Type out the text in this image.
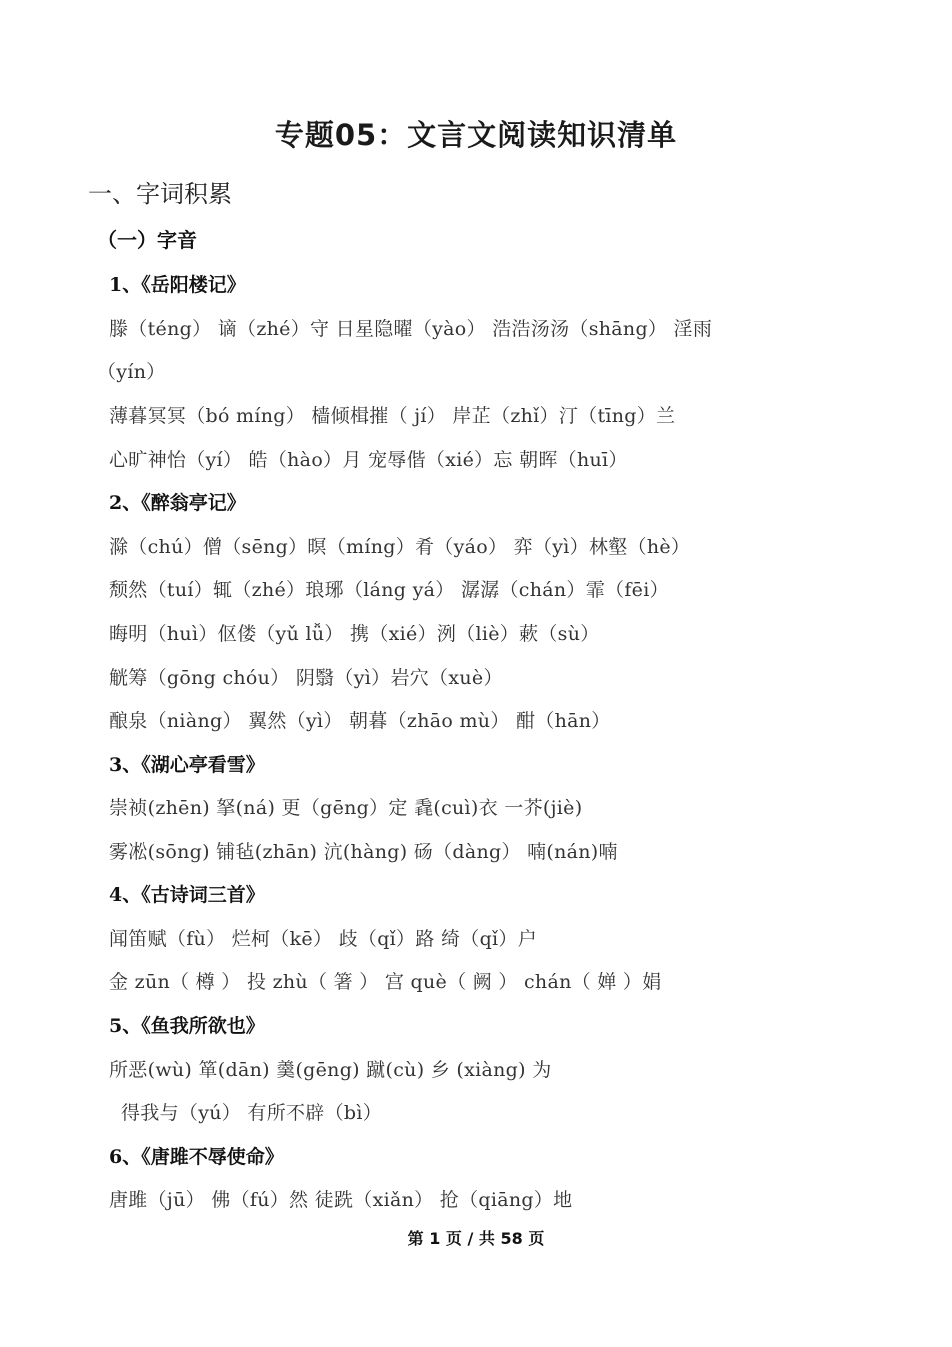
专题05：文言文阅读知识清单
一、字词积累
（一）字音
1、《岳阳楼记》
滕（téng） 谪（zhé）守 日星隐曜（yào） 浩浩汤汤（shāng） 淫雨
（yín）
薄暮冥冥（bó míng） 樯倾楫摧（ jí） 岸芷（zhǐ）汀（tīng）兰
心旷神怡（yí） 皓（hào）月 宠辱偕（xié）忘 朝晖（huī）
2、《醉翁亭记》
滁（chú）僧（sēng）暝（míng）肴（yáo） 弈（yì）林壑（hè）
颓然（tuí）辄（zhé）琅琊（láng yá） 潺潺（chán）霏（fēi）
晦明（huì）伛偻（yǔ lǚ） 携（xié）洌（liè）蔌（sù）
觥筹（gōng chóu） 阴翳（yì）岩穴（xuè）
酿泉（niàng） 翼然（yì） 朝暮（zhāo mù） 酣（hān）
3、《湖心亭看雪》
崇祯(zhēn) 拏(ná) 更（gēng）定 毳(cuì)衣 一芥(jiè)
雾凇(sōng) 铺毡(zhān) 沆(hàng) 砀（dàng） 喃(nán)喃
4、《古诗词三首》
闻笛赋（fù） 烂柯（kē） 歧（qǐ）路 绮（qǐ）户
金 zūn（ 樽 ） 投 zhù（ 箸 ） 宫 què（ 阙 ） chán（ 婵 ）娟
5、《鱼我所欲也》
所恶(wù) 箪(dān) 羹(gēng) 蹴(cù) 乡 (xiàng) 为
得我与（yú） 有所不辟（bì）
6、《唐雎不辱使命》
唐雎（jū） 佛（fú）然 徒跣（xiǎn） 抢（qiāng）地
第 1 页 / 共 58 页
